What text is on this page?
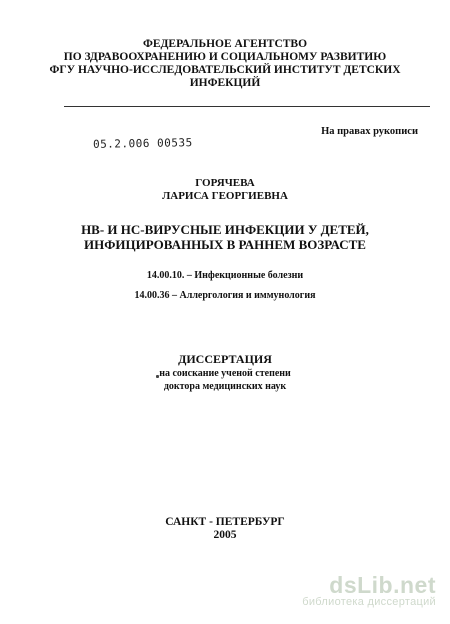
ФЕДЕРАЛЬНОЕ АГЕНТСТВО
ПО ЗДРАВООХРАНЕНИЮ И СОЦИАЛЬНОМУ РАЗВИТИЮ
ФГУ НАУЧНО-ИССЛЕДОВАТЕЛЬСКИЙ ИНСТИТУТ ДЕТСКИХ
ИНФЕКЦИЙ
На правах рукописи
05.2.006 00535
ГОРЯЧЕВА
ЛАРИСА ГЕОРГИЕВНА
HB- И HC-ВИРУСНЫЕ ИНФЕКЦИИ У ДЕТЕЙ,
ИНФИЦИРОВАННЫХ В РАННЕМ ВОЗРАСТЕ
14.00.10. – Инфекционные болезни
14.00.36 – Аллергология и иммунология
ДИССЕРТАЦИЯ
на соискание ученой степени
доктора медицинских наук
САНКТ - ПЕТЕРБУРГ
2005
dsLib.net
библиотека диссертаций
